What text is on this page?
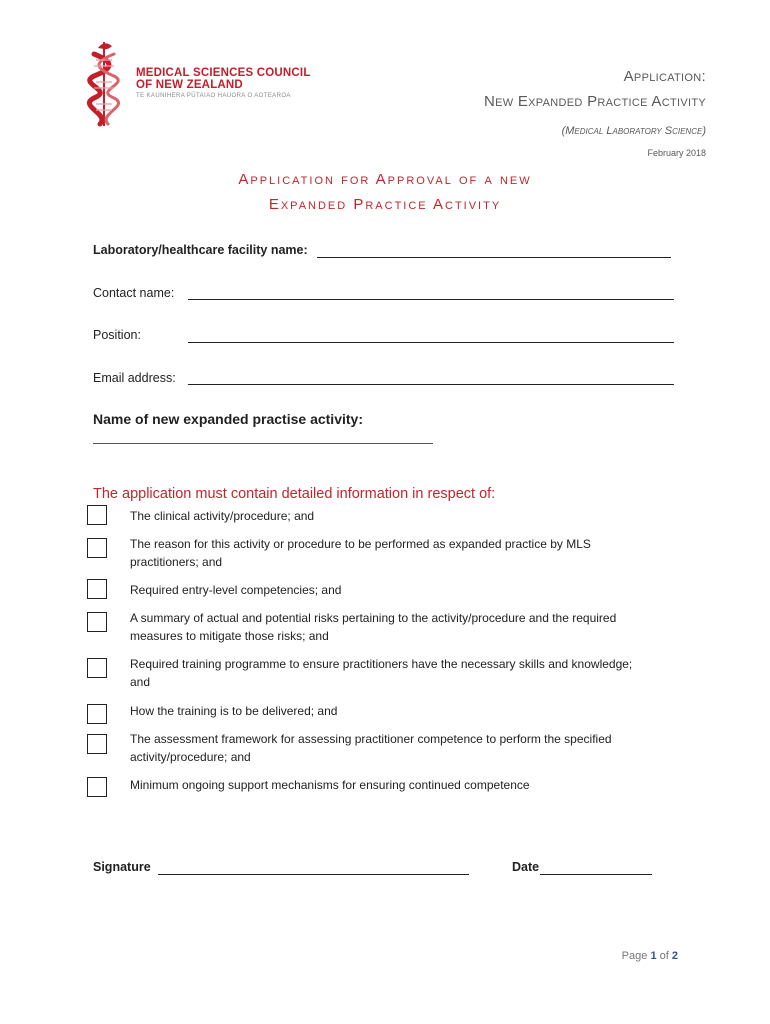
MEDICAL SCIENCES COUNCIL
OF NEW ZEALAND
TE KAUNIHERA PŪTAIAO HAUORA O AOTEAROA
Application:
New Expanded Practice Activity
(Medical Laboratory Science)
February 2018
Application for Approval of a new
Expanded Practice Activity
Laboratory/healthcare facility name:
Contact name:
Position:
Email address:
Name of new expanded practise activity:
The application must contain detailed information in respect of:
The clinical activity/procedure; and
The reason for this activity or procedure to be performed as expanded practice by MLS
practitioners; and
Required entry-level competencies; and
A summary of actual and potential risks pertaining to the activity/procedure and the required
measures to mitigate those risks; and
Required training programme to ensure practitioners have the necessary skills and knowledge;
and
How the training is to be delivered; and
The assessment framework for assessing practitioner competence to perform the specified
activity/procedure; and
Minimum ongoing support mechanisms for ensuring continued competence
Signature	Date
Page 1 of 2
